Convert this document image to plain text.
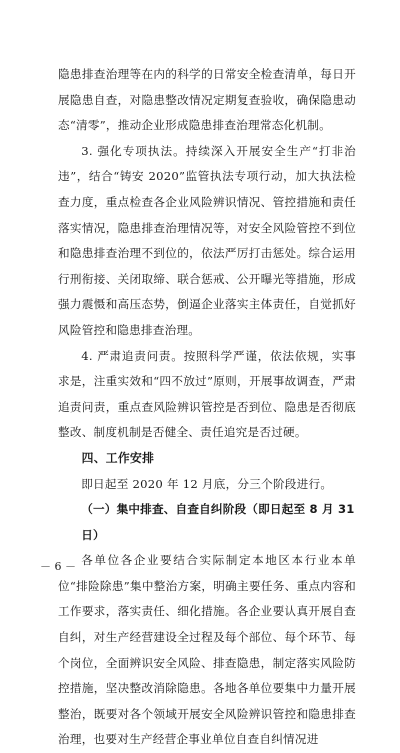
隐患排查治理等在内的科学的日常安全检查清单，每日开展隐患自查，对隐患整改情况定期复查验收，确保隐患动态“清零”，推动企业形成隐患排查治理常态化机制。

3. 强化专项执法。持续深入开展安全生产“打非治违”，结合“铸安 2020”监管执法专项行动，加大执法检查力度，重点检查各企业风险辨识情况、管控措施和责任落实情况，隐患排查治理情况等，对安全风险管控不到位和隐患排查治理不到位的，依法严厉打击惩处。综合运用行刑衔接、关闭取缔、联合惩戒、公开曝光等措施，形成强力震慑和高压态势，倒逼企业落实主体责任，自觉抓好风险管控和隐患排查治理。

4. 严肃追责问责。按照科学严谨，依法依规，实事求是，注重实效和“四不放过”原则，开展事故调查，严肃追责问责，重点查风险辨识管控是否到位、隐患是否彻底整改、制度机制是否健全、责任追究是否过硬。

四、工作安排

即日起至 2020 年 12 月底，分三个阶段进行。

（一）集中排查、自查自纠阶段（即日起至 8 月 31 日）

各单位各企业要结合实际制定本地区本行业本单位“排险除患”集中整治方案，明确主要任务、重点内容和工作要求，落实责任、细化措施。各企业要认真开展自查自纠，对生产经营建设全过程及每个部位、每个环节、每个岗位，全面辨识安全风险、排查隐患，制定落实风险防控措施，坚决整改消除隐患。各地各单位要集中力量开展整治，既要对各个领域开展安全风险辨识管控和隐患排查治理，也要对生产经营企事业单位自查自纠情况进

－ 6 －
